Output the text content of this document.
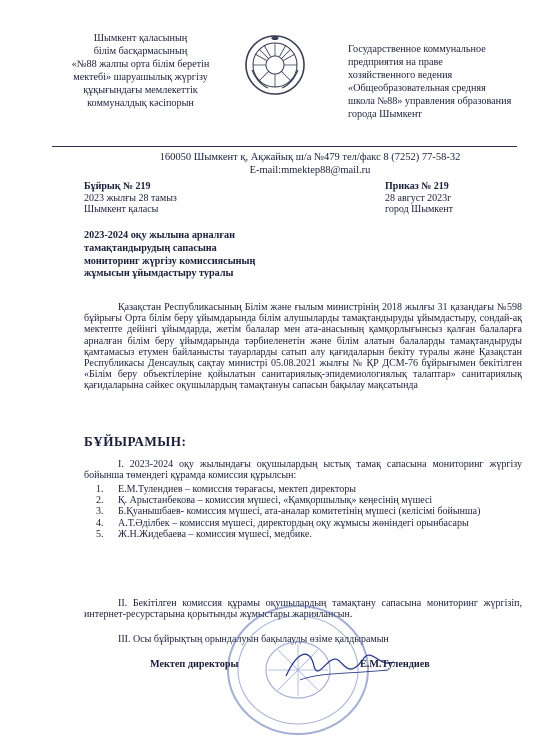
Шымкент қаласының
білім басқармасының
«№88 жалпы орта білім беретін
мектебі» шаруашылық жүргізу
құқығындағы мемлекеттік
коммуналдық кәсіпорын
Государственное коммунальное
предприятия на праве
хозяйственного ведения
«Общеобразовательная средняя
школа №88» управления образования
города Шымкент
160050 Шымкент қ, Ақжайық ш/а №479 тел/факс 8 (7252) 77-58-32
E-mail:mmektep88@mail.ru
Бұйрық № 219
2023 жылғы 28 тамыз
Шымкент қаласы
Приказ № 219
28 август 2023г
город Шымкент
2023-2024 оқу жылына арналған
тамақтандырудың сапасына
мониторинг жүргізу комиссиясының
жұмысын ұйымдастыру туралы
Қазақстан Республикасының Білім және ғылым министрінің 2018 жылғы 31 қазандағы №598 бұйрығы Орта білім беру ұйымдарында білім алушыларды тамақтандыруды ұйымдастыру, сондай-ақ мектепте дейінгі ұйымдарда, жетім балалар мен ата-анасының қамқорлығынсыз қалған балаларға арналған білім беру ұйымдарында тәрбиеленетін және білім алатын балаларды тамақтандыруды қамтамасыз етумен байланысты тауарларды сатып алу қағидаларын бекіту туралы және Қазақстан Республикасы Денсаулық сақтау министрі 05.08.2021 жылғы № ҚР ДСМ-76 бұйрығымен бекітілген «Білім беру объектілеріне қойылатын санитариялық-эпидемиологиялық талаптар» санитариялық қағидаларына сәйкес оқушылардың тамақтануы сапасын бақылау мақсатында
БҰЙЫРАМЫН:
I. 2023-2024 оқу жылындағы оқушылардың ыстық тамақ сапасына мониторинг жүргізу бойынша төмендегі құрамда комиссия құрылсын:
1.	Е.М.Тулендиев – комиссия төрағасы, мектеп директоры
2.	Қ. Арыстанбекова – комиссия мүшесі, «Қамқоршылық» кеңесінің мүшесі
3.	Б.Қуанышбаев- комиссия мүшесі, ата-аналар комитетінің мүшесі (келісімі бойынша)
4.	А.Т.Әділбек – комиссия мүшесі, директордың оқу жұмысы жөніндегі орынбасары
5.	Ж.Н.Жидебаева – комиссия мүшесі, медбике.
II. Бекітілген комиссия құрамы оқушылардың тамақтану сапасына мониторинг жүргізіп, интернет-ресурстарына қорытынды жұмыстары жариялансын.
III. Осы бұйрықтың орындалуын бақылауды өзіме қалдырамын
Мектеп директоры	Е.М.Тулендиев
